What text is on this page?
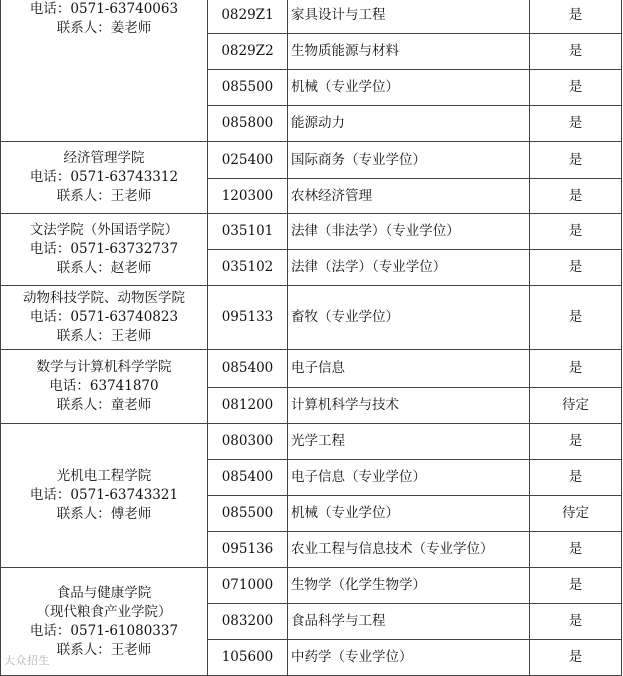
电话：0571-63740063
联系人：姜老师	0829Z1	家具设计与工程	是
	0829Z2	生物质能源与材料	是
	085500	机械（专业学位）	是
	085800	能源动力	是

经济管理学院
电话：0571-63743312
联系人：王老师	025400	国际商务（专业学位）	是
	120300	农林经济管理	是

文法学院（外国语学院）
电话：0571-63732737
联系人：赵老师	035101	法律（非法学）（专业学位）	是
	035102	法律（法学）（专业学位）	是

动物科技学院、动物医学院
电话：0571-63740823
联系人：王老师	095133	畜牧（专业学位）	是

数学与计算机科学学院
电话：63741870
联系人：童老师	085400	电子信息	是
	081200	计算机科学与技术	待定

光机电工程学院
电话：0571-63743321
联系人：傅老师	080300	光学工程	是
	085400	电子信息（专业学位）	是
	085500	机械（专业学位）	待定
	095136	农业工程与信息技术（专业学位）	是

食品与健康学院
（现代粮食产业学院）
电话：0571-61080337
联系人：王老师	071000	生物学（化学生物学）	是
	083200	食品科学与工程	是
	105600	中药学（专业学位）	是
大众招生
